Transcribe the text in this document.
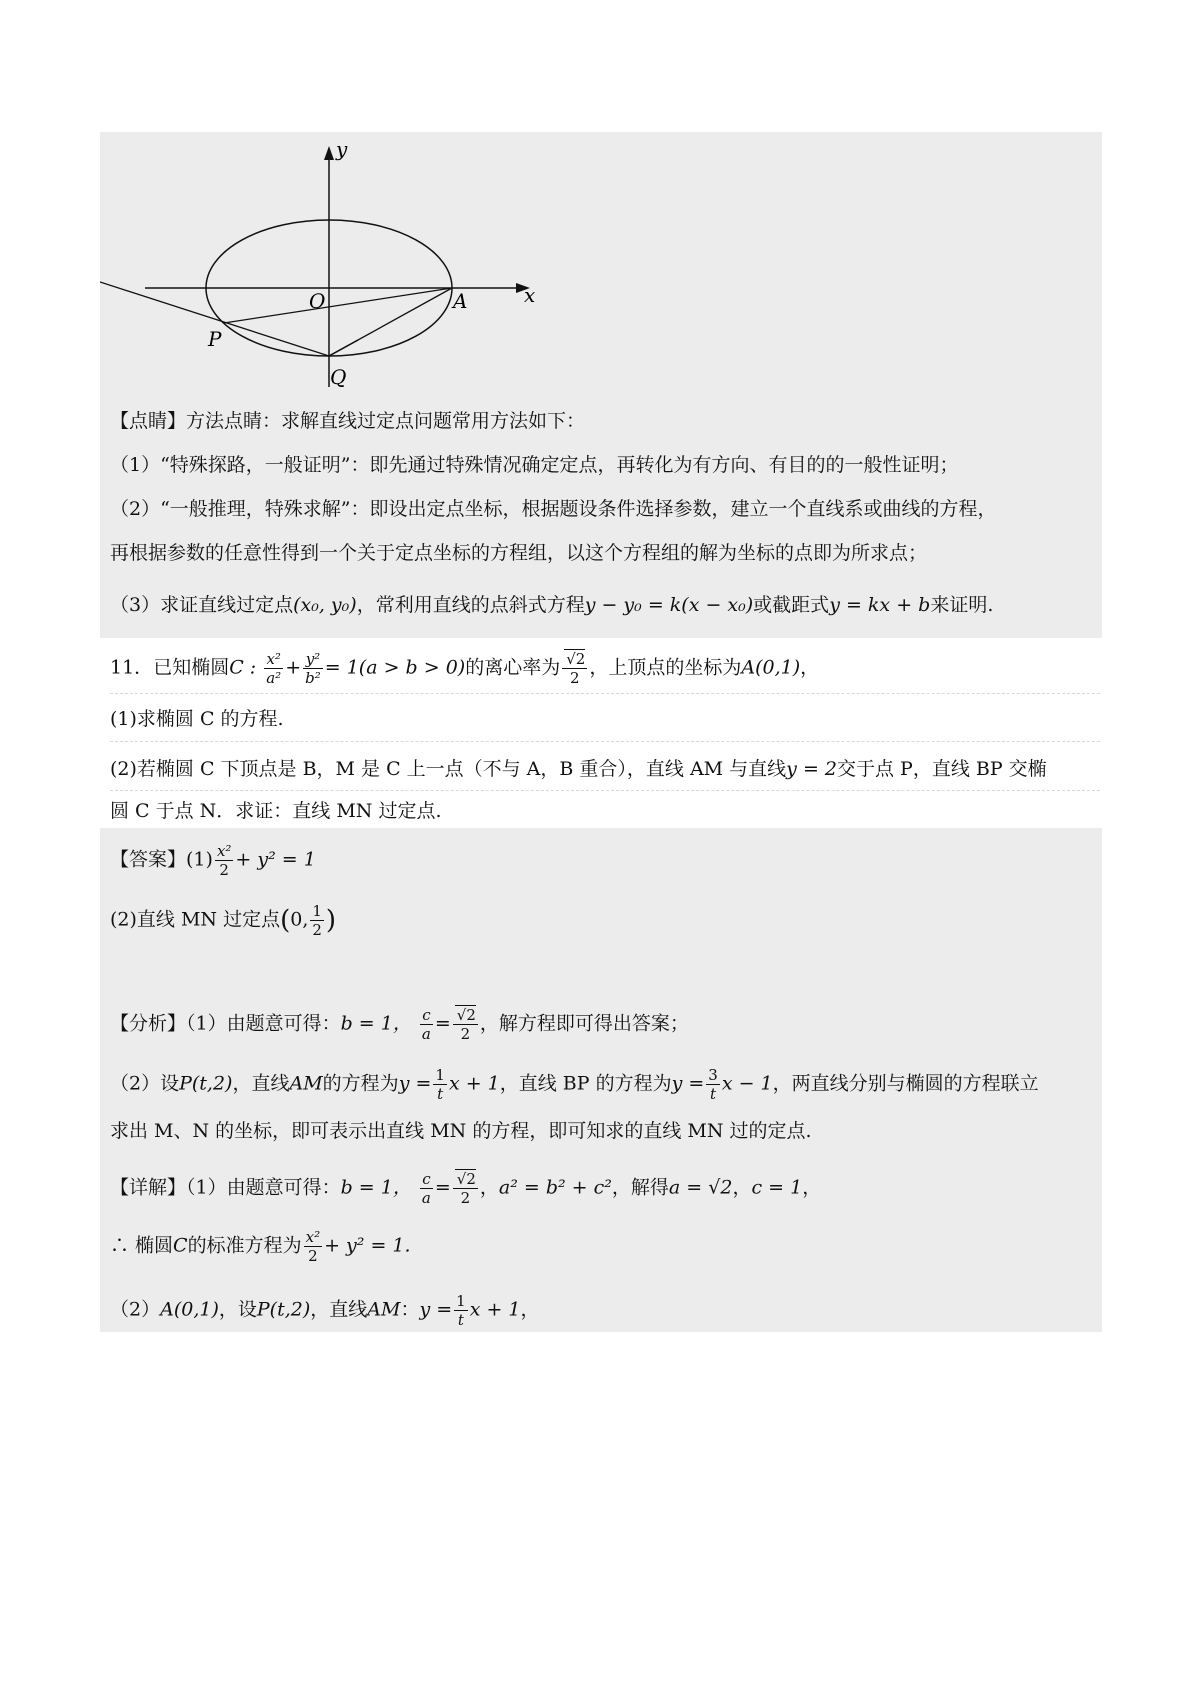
y
x
O	A
P
Q
【点睛】方法点睛：求解直线过定点问题常用方法如下：
（1）“特殊探路，一般证明”：即先通过特殊情况确定定点，再转化为有方向、有目的的一般性证明；
（2）“一般推理，特殊求解”：即设出定点坐标，根据题设条件选择参数，建立一个直线系或曲线的方程，
再根据参数的任意性得到一个关于定点坐标的方程组，以这个方程组的解为坐标的点即为所求点；
（3）求证直线过定点(x₀, y₀)，常利用直线的点斜式方程y − y₀ = k(x − x₀)或截距式y = kx + b来证明.
11．已知椭圆C : $\frac{\text{x²}}{\text{a²}} + \frac{\text{y²}}{\text{b²}} = 1(a > b > 0)$的离心率为 $\frac{√2}{2}$ ，上顶点的坐标为A(0,1)，
(1)求椭圆 C 的方程.
(2)若椭圆 C 下顶点是 B，M 是 C 上一点（不与 A，B 重合），直线 AM 与直线y = 2交于点 P，直线 BP 交椭
圆 C 于点 N．求证：直线 MN 过定点.
【答案】$(1) \frac{\text{x²}}{2} + y^2 = 1$
(2)直线 MN 过定点(0, $\frac{1}{2}$ )
【分析】（1）由题意可得：b = 1， $\frac{c}{a} = \frac{√2}{2}$ ，解方程即可得出答案；
（2）设P(t,2)，直线AM的方程为$y = \frac{1}{t}$ x + 1，直线 BP 的方程为$y = \frac{3}{t}$ x − 1，两直线分别与椭圆的方程联立
求出 M、N 的坐标，即可表示出直线 MN 的方程，即可知求的直线 MN 过的定点.
【详解】（1）由题意可得：b = 1， $\frac{c}{a} = \frac{√2}{2}$ ，a² = b² + c²，解得a = √2，c = 1，
∴ 椭圆C的标准方程为 $\frac{\text{x²}}{2} + y^2 = 1$.
（2）A(0,1)，设P(t,2)，直线AM：$y = \frac{1}{t}$ x + 1，
